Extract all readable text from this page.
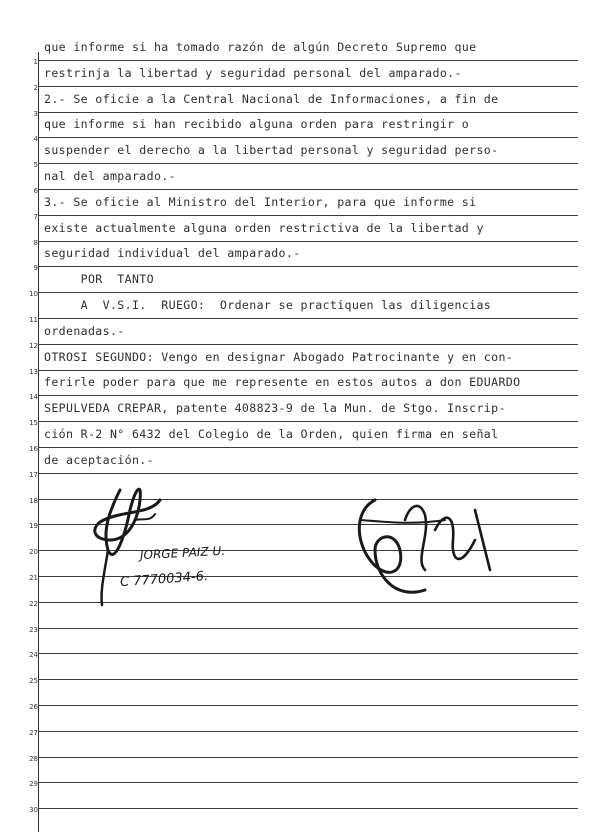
1
2
3
4
5
6
7
8
9
10
11
12
13
14
15
16
17
18
19
20
21
22
23
24
25
26
27
28
29
30
que informe si ha tomado razón de algún Decreto Supremo que
restrinja la libertad y seguridad personal del amparado.-
2.- Se oficie a la Central Nacional de Informaciones, a fin de
que informe si han recibido alguna orden para restringir o
suspender el derecho a la libertad personal y seguridad perso-
nal del amparado.-
3.- Se oficie al Ministro del Interior, para que informe si
existe actualmente alguna orden restrictiva de la libertad y
seguridad individual del amparado.-
POR  TANTO
A  V.S.I.  RUEGO:  Ordenar se practiquen las diligencias
ordenadas.-
OTROSI SEGUNDO: Vengo en designar Abogado Patrocinante y en con-
ferirle poder para que me represente en estos autos a don EDUARDO
SEPULVEDA CREPAR, patente 408823-9 de la Mun. de Stgo. Inscrip-
ción R-2 N° 6432 del Colegio de la Orden, quien firma en señal
de aceptación.-
JORGE PAIZ U.
C 7770034-6.
